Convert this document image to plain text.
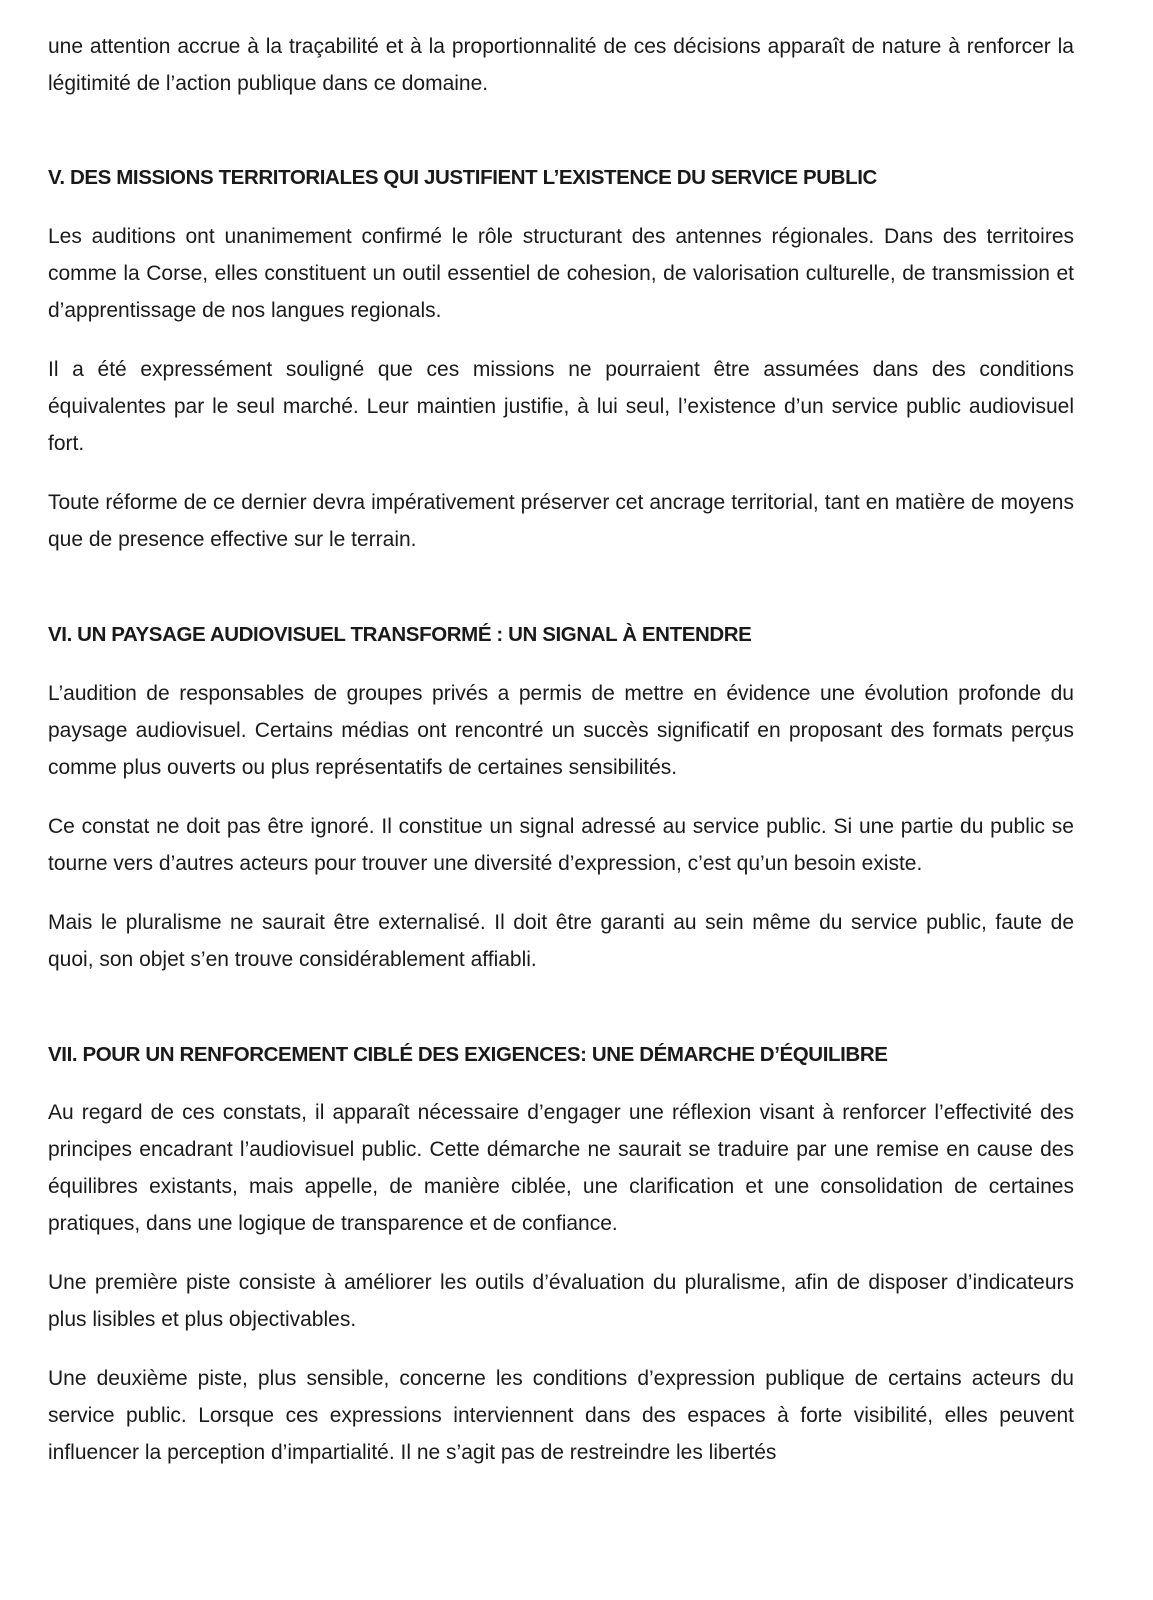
une attention accrue à la traçabilité et à la proportionnalité de ces décisions apparaît de nature à renforcer la légitimité de l’action publique dans ce domaine.

V. DES MISSIONS TERRITORIALES QUI JUSTIFIENT L’EXISTENCE DU SERVICE PUBLIC

Les auditions ont unanimement confirmé le rôle structurant des antennes régionales. Dans des territoires comme la Corse, elles constituent un outil essentiel de cohesion, de valorisation culturelle, de transmission et d’apprentissage de nos langues regionals.

Il a été expressément souligné que ces missions ne pourraient être assumées dans des conditions équivalentes par le seul marché. Leur maintien justifie, à lui seul, l’existence d’un service public audiovisuel fort.

Toute réforme de ce dernier devra impérativement préserver cet ancrage territorial, tant en matière de moyens que de presence effective sur le terrain.

VI. UN PAYSAGE AUDIOVISUEL TRANSFORMÉ : UN SIGNAL À ENTENDRE

L’audition de responsables de groupes privés a permis de mettre en évidence une évolution profonde du paysage audiovisuel. Certains médias ont rencontré un succès significatif en proposant des formats perçus comme plus ouverts ou plus représentatifs de certaines sensibilités.

Ce constat ne doit pas être ignoré. Il constitue un signal adressé au service public. Si une partie du public se tourne vers d’autres acteurs pour trouver une diversité d’expression, c’est qu’un besoin existe.

Mais le pluralisme ne saurait être externalisé. Il doit être garanti au sein même du service public, faute de quoi, son objet s’en trouve considérablement affiabli.

VII. POUR UN RENFORCEMENT CIBLÉ DES EXIGENCES: UNE DÉMARCHE D’ÉQUILIBRE

Au regard de ces constats, il apparaît nécessaire d’engager une réflexion visant à renforcer l’effectivité des principes encadrant l’audiovisuel public. Cette démarche ne saurait se traduire par une remise en cause des équilibres existants, mais appelle, de manière ciblée, une clarification et une consolidation de certaines pratiques, dans une logique de transparence et de confiance.

Une première piste consiste à améliorer les outils d’évaluation du pluralisme, afin de disposer d’indicateurs plus lisibles et plus objectivables.

Une deuxième piste, plus sensible, concerne les conditions d’expression publique de certains acteurs du service public. Lorsque ces expressions interviennent dans des espaces à forte visibilité, elles peuvent influencer la perception d’impartialité. Il ne s’agit pas de restreindre les libertés
